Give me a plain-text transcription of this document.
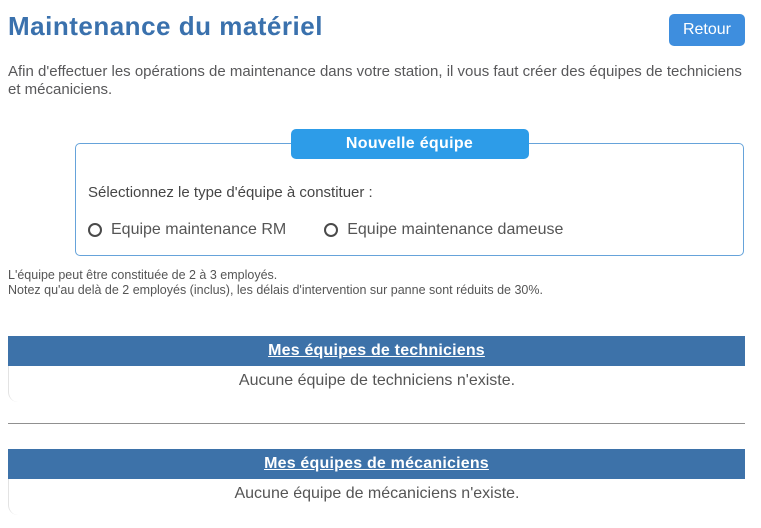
Maintenance du matériel	Retour

Afin d'effectuer les opérations de maintenance dans votre station, il vous faut créer des équipes de techniciens et mécaniciens.

Nouvelle équipe
Sélectionnez le type d'équipe à constituer :
Equipe maintenance RM	Equipe maintenance dameuse
L'équipe peut être constituée de 2 à 3 employés.
Notez qu'au delà de 2 employés (inclus), les délais d'intervention sur panne sont réduits de 30%.
Mes équipes de techniciens
Aucune équipe de techniciens n'existe.
Mes équipes de mécaniciens
Aucune équipe de mécaniciens n'existe.
